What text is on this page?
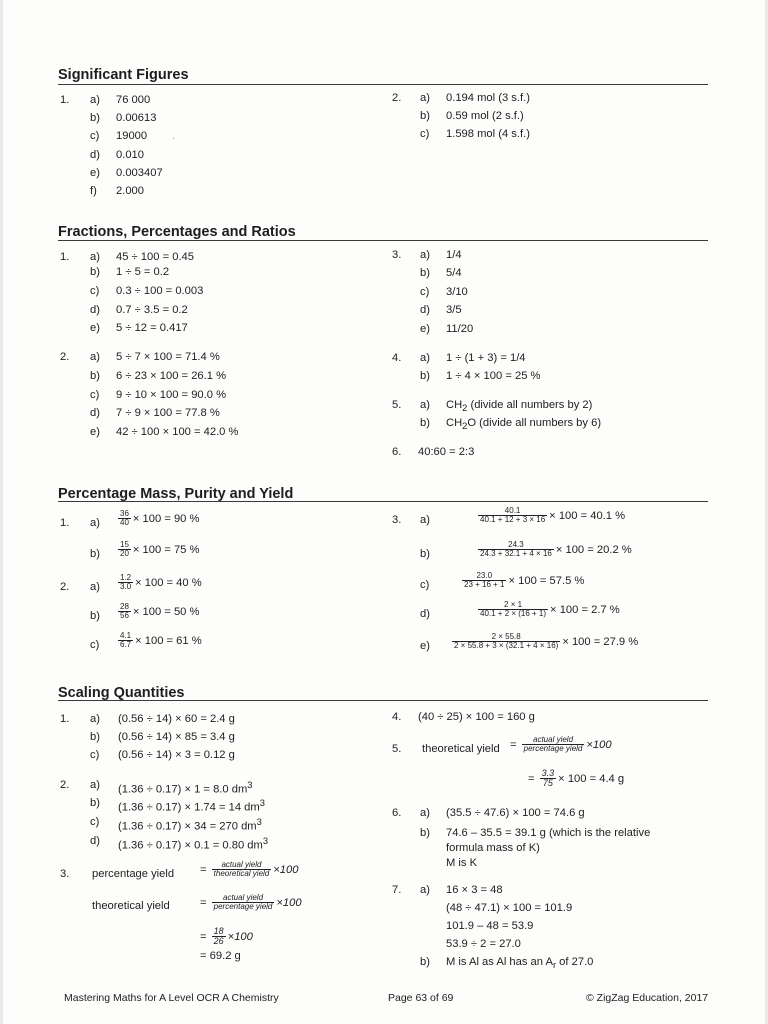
Significant Figures
Fractions, Percentages and Ratios
Percentage Mass, Purity and Yield
Scaling Quantities
1. a) 76 000
b) 0.00613
c) 19000
d) 0.010
e) 0.003407
f) 2.000
.
2. a) 0.194 mol (3 s.f.)
b) 0.59 mol (2 s.f.)
c) 1.598 mol (4 s.f.)
1. a) 45 ÷ 100 = 0.45
b) 1 ÷ 5 = 0.2
c) 0.3 ÷ 100 = 0.003
d) 0.7 ÷ 3.5 = 0.2
e) 5 ÷ 12 = 0.417
2. a) 5 ÷ 7 × 100 = 71.4 %
b) 6 ÷ 23 × 100 = 26.1 %
c) 9 ÷ 10 × 100 = 90.0 %
d) 7 ÷ 9 × 100 = 77.8 %
e) 42 ÷ 100 × 100 = 42.0 %
3. a) 1/4
b) 5/4
c) 3/10
d) 3/5
e) 11/20
4. a) 1 ÷ (1 + 3) = 1/4
b) 1 ÷ 4 × 100 = 25 %
5. a) $CH_2$ (divide all numbers by 2)
b) $CH_2O$ (divide all numbers by 6)
6. 40:60 = 2:3
1. $a) \frac{36}{40} \times 100 = 90$ %
$b) \frac{15}{20} \times 100 = 75$ %
2. $a) \frac{1.2}{3.0} \times 100 = 40$ %
$b) \frac{28}{56} \times 100 = 50$ %
$c) \frac{4.1}{6.7} \times 100 = 61$ %
3. a)	$\frac{40.1}{40.1 + 12 + 3 \times 16} \times 100 = 40.1$ %
b)	$\frac{24.3}{24.3 + 32.1 + 4 \times 16} \times 100 = 20.2$ %
c)	$\frac{23.0}{23 + 16 + 1} \times 100 = 57.5$ %
d)	$\frac{2 \times 1}{40.1 + 2 \times (16 + 1)} \times 100 = 2.7$ %
e)	$\frac{2 \times 55.8}{2 \times 55.8 + 3 \times (32.1 + 4 \times 16)} \times 100 = 27.9$ %
1. a) (0.56 ÷ 14) × 60 = 2.4 g
b) (0.56 ÷ 14) × 85 = 3.4 g
c) (0.56 ÷ 14) × 3 = 0.12 g
2. a) (1.36 ÷ 0.17) × 1 = 8.0 $dm^3$
b) (1.36 ÷ 0.17) × 1.74 = 14 $dm^3$
c) (1.36 ÷ 0.17) × 34 = 270 $dm^3$
d) (1.36 ÷ 0.17) × 0.1 = 0.80 $dm^3$
3. percentage yield = $\frac{\text{actual yield}}{\text{theoretical yield}} \times 100$
theoretical yield	= $\frac{\text{actual yield}}{\text{percentage yield}} \times 100$
= $\frac{18}{26} \times 100$
= 69.2 g
4. (40 ÷ 25) × 100 = 160 g
5. theoretical yield = $\frac{\text{actual yield}}{\text{percentage yield}} \times 100$
= $\frac{3.3}{75} \times 100 = 4.4$ g
6. a) (35.5 ÷ 47.6) × 100 = 74.6 g
b) 74.6 – 35.5 = 39.1 g (which is the relative
formula mass of K)
M is K
7. a) 16 × 3 = 48
(48 ÷ 47.1) × 100 = 101.9
101.9 – 48 = 53.9
53.9 ÷ 2 = 27.0
b) M is Al as Al has an $A_r$ of 27.0
Mastering Maths for A Level OCR A Chemistry	Page 63 of 69	© ZigZag Education, 2017
